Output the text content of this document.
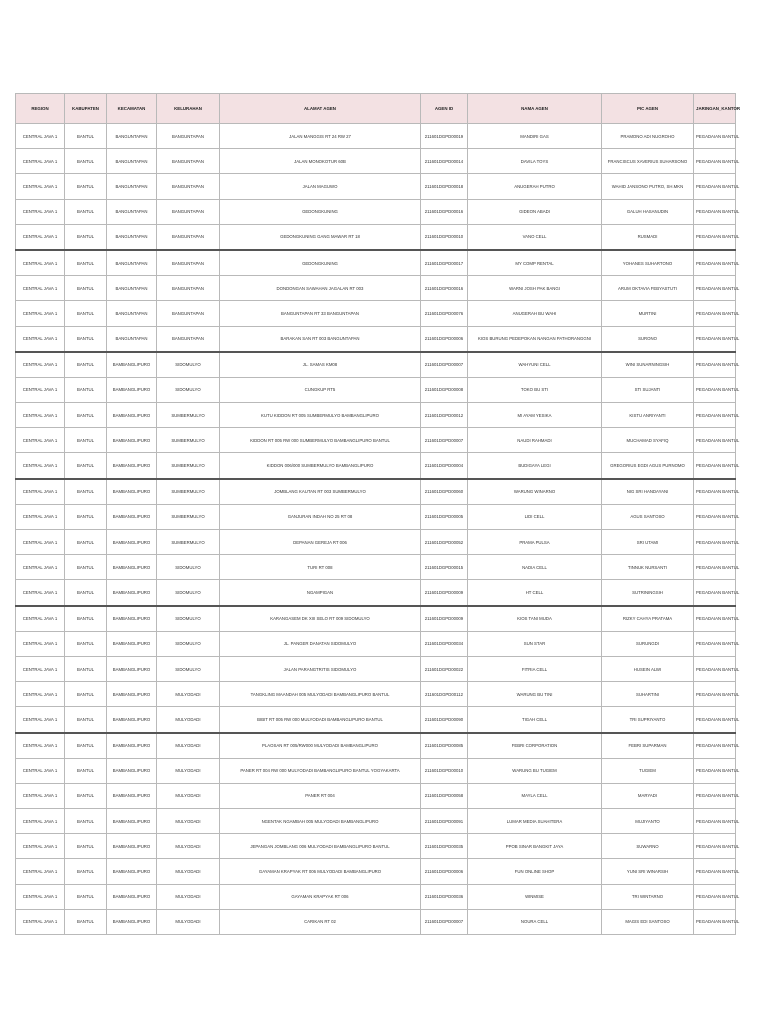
REGION	KABUPATEN	KECAMATAN	KELURAHAN	ALAMAT AGEN	AGEN ID	NAMA AGEN	PIC AGEN	JARINGAN_KANTOR
CENTRAL JAVA 1	BANTUL	BANGUNTAPAN	BANGUNTAPAN	JALAN MANGGIS RT 24 RW 27	211601DGPD00019	MANDIRI GAS	PRAMONO ADI NUGROHO	PEGADAIAN BANTUL
CENTRAL JAVA 1	BANTUL	BANGUNTAPAN	BANGUNTAPAN	JALAN MONOKOTUR 60B	211601DGPD00014	DAVILA TOYS	FRANCISCUS XAVERIUS SUHARSONO	PEGADAIAN BANTUL
CENTRAL JAVA 1	BANTUL	BANGUNTAPAN	BANGUNTAPAN	JALAN MAGUWO	211601DGPD00018	ANUGERAH PUTRO	WAHID JANSONO PUTRO, SH.MKN	PEGADAIAN BANTUL
CENTRAL JAVA 1	BANTUL	BANGUNTAPAN	BANGUNTAPAN	GEDONGKUNING	211601DGPD00016	GIDEON ABADI	GALUH HASANUDIN	PEGADAIAN BANTUL
CENTRAL JAVA 1	BANTUL	BANGUNTAPAN	BANGUNTAPAN	GEDONGKUNING GANG MAWAR RT 18	211601DGPD00010	VANO CELL	RUSMADI	PEGADAIAN BANTUL
CENTRAL JAVA 1	BANTUL	BANGUNTAPAN	BANGUNTAPAN	GEDONGKUNING	211601DGPD00017	MY COMP RENTAL	YOHANES SUHARTONO	PEGADAIAN BANTUL
CENTRAL JAVA 1	BANTUL	BANGUNTAPAN	BANGUNTAPAN	DONDONGAN SAWAHAN JAGALAN RT 003	211601DGPD00016	WARNI JOSH PAK BANGI	ARUM OKTAVIA FEBYASTUTI	PEGADAIAN BANTUL
CENTRAL JAVA 1	BANTUL	BANGUNTAPAN	BANGUNTAPAN	BANGUNTAPAN RT 33 BANGUNTAPAN	211601DGPD00076	ANUGERAH BU WAHI	MURTINI	PEGADAIAN BANTUL
CENTRAL JAVA 1	BANTUL	BANGUNTAPAN	BANGUNTAPAN	BARAKAN SAN RT 003 BANGUNTAPAN	211601DGPD00006	KIOS BURUNG PEDEPOKAN NANGAN PATHORANGGNI	SURONO	PEGADAIAN BANTUL
CENTRAL JAVA 1	BANTUL	BAMBANGLIPURO	SIDOMULYO	JL. SAMAS KM08	211601DGPD00007	WAHYUNI CELL	WINI SUNARNINGSIH	PEGADAIAN BANTUL
CENTRAL JAVA 1	BANTUL	BAMBANGLIPURO	SIDOMULYO	CUNGKUP RT5	211601DGPD00008	TOKO BU STI	STI SUJANTI	PEGADAIAN BANTUL
CENTRAL JAVA 1	BANTUL	BAMBANGLIPURO	SUMBERMULYO	KUTU KIDDON RT 005 SUMBERMULYO BAMBANGLIPURO	211601DGPD00012	MI AYAM YESIKA	KISTU ANRIYANTI	PEGADAIAN BANTUL
CENTRAL JAVA 1	BANTUL	BAMBANGLIPURO	SUMBERMULYO	KIDDON RT 005 RW 000 SUMBERMULYO BAMBANGLIPURO BANTUL	211601DGPD00007	NAUDI RAHMADI	MUCHAMAD SYAFIQ	PEGADAIAN BANTUL
CENTRAL JAVA 1	BANTUL	BAMBANGLIPURO	SUMBERMULYO	KIDDON 006/000 SUMBERMULYO BAMBANGLIPURO	211601DGPD00004	BUDIGAYA LEGI	GREGORIUS EGDI AGUS PURNOMO	PEGADAIAN BANTUL
CENTRAL JAVA 1	BANTUL	BAMBANGLIPURO	SUMBERMULYO	JOMBLANG KAUTAN RT 003 SUMBERMULYO	211601DGPD00060	WARUNG WINARNO	NIG SRI HANDAYANI	PEGADAIAN BANTUL
CENTRAL JAVA 1	BANTUL	BAMBANGLIPURO	SUMBERMULYO	GANJURAN INDAH NO 25 RT 08	211601DGPD00005	LIDI CELL	AGUS SANTOSO	PEGADAIAN BANTUL
CENTRAL JAVA 1	BANTUL	BAMBANGLIPURO	SUMBERMULYO	DEPANAN GEREJA RT 006	211601DGPD00052	PRAMA PULSA	SRI UTAMI	PEGADAIAN BANTUL
CENTRAL JAVA 1	BANTUL	BAMBANGLIPURO	SIDOMULYO	TURI RT 008	211601DGPD00015	NADIA CELL	TINNUK NURSANTI	PEGADAIAN BANTUL
CENTRAL JAVA 1	BANTUL	BAMBANGLIPURO	SIDOMULYO	NGAMPIGAN	211601DGPD00009	HT CELL	SUTRININGSIH	PEGADAIAN BANTUL
CENTRAL JAVA 1	BANTUL	BAMBANGLIPURO	SIDOMULYO	KARANGASEM DK XIII SELO RT 009 SIDOMULYO	211601DGPD00009	KIOS TANI MUDA	RIZKY CAHYA PRATAMA	PEGADAIAN BANTUL
CENTRAL JAVA 1	BANTUL	BAMBANGLIPURO	SIDOMULYO	JL. PANGER DANATAN SIDOMULYO	211601DGPD00034	SUN STAR	SURUNGDI	PEGADAIAN BANTUL
CENTRAL JAVA 1	BANTUL	BAMBANGLIPURO	SIDOMULYO	JALAN PARANGTRITIS SIDOMULYO	211601DGPD00022	FITRIA CELL	HUSEIN ALWI	PEGADAIAN BANTUL
CENTRAL JAVA 1	BANTUL	BAMBANGLIPURO	MULYODADI	TANGKLING MAANDAH 005 MULYODADI BAMBANGLIPURO BANTUL	211601DGPD00112	WARUNG BU TINI	SUHARTINI	PEGADAIAN BANTUL
CENTRAL JAVA 1	BANTUL	BAMBANGLIPURO	MULYODADI	BIBIT RT 005 RW 000 MULYODADI BAMBANGLIPURO BANTUL	211601DGPD00090	TIGAH CELL	TRI SUPRIYANTO	PEGADAIAN BANTUL
CENTRAL JAVA 1	BANTUL	BAMBANGLIPURO	MULYODADI	PLAOSAN RT 005/RW000 MULYODADI BAMBANGLIPURO	211601DGPD00085	FEBRI CORPORATION	FEBRI SUPARMAN	PEGADAIAN BANTUL
CENTRAL JAVA 1	BANTUL	BAMBANGLIPURO	MULYODADI	PANER RT 004 RW 000 MULYODADI BAMBANGLIPURO BANTUL YOGYAKARTA	211601DGPD00010	WARUNG BU TUGIEM	TUGIEM	PEGADAIAN BANTUL
CENTRAL JAVA 1	BANTUL	BAMBANGLIPURO	MULYODADI	PANER RT 004	211601DGPD00058	MAYLA CELL	MARYADI	PEGADAIAN BANTUL
CENTRAL JAVA 1	BANTUL	BAMBANGLIPURO	MULYODADI	NGENTAK NGAMBAH 005 MULYODADI BAMBANGLIPURO	211601DGPD00091	LUMAR MEDIA SUAHITERA	MUJIYANTO	PEGADAIAN BANTUL
CENTRAL JAVA 1	BANTUL	BAMBANGLIPURO	MULYODADI	JEPANGAN JOMBLANG 006 MULYODADI BAMBANGLIPURO BANTUL	211601DGPD00035	PPOB SINAR BANGKIT JAYA	SUWARNO	PEGADAIAN BANTUL
CENTRAL JAVA 1	BANTUL	BAMBANGLIPURO	MULYODADI	GAYAMAN KRAPYAK RT 006 MULYODADI BAMBANGLIPURO	211601DGPD00006	FUN ONLINE SHOP	YUNI SRI WINARSIH	PEGADAIAN BANTUL
CENTRAL JAVA 1	BANTUL	BAMBANGLIPURO	MULYODADI	GAYAMAN KRAPYAK RT 006	211601DGPD00036	WINMISE	TRI WINTARNO	PEGADAIAN BANTUL
CENTRAL JAVA 1	BANTUL	BAMBANGLIPURO	MULYODADI	CARIKAN RT 02	211601DGPD00007	NOURA CELL	MAGIS EDI SANTOSO	PEGADAIAN BANTUL
